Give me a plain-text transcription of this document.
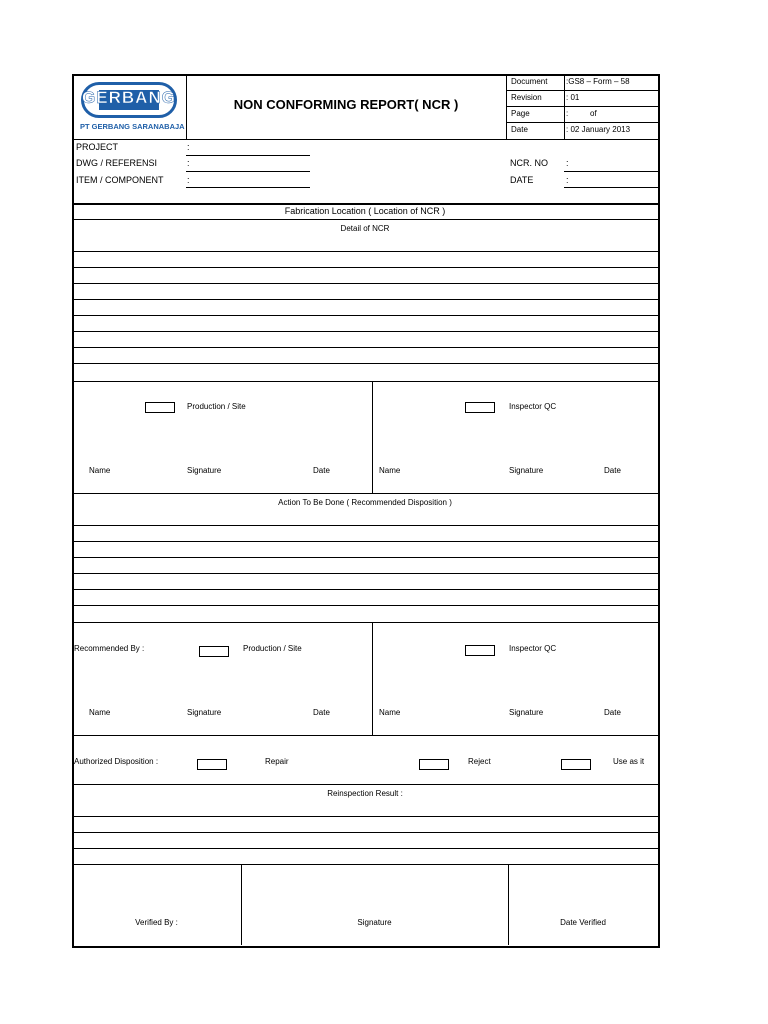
GERBANG
PT GERBANG SARANABAJA
NON CONFORMING REPORT( NCR )
Document :GS8 – Form – 58
Revision	: 01
Page	:	of
Date	: 02 January 2013
PROJECT	:
DWG / REFERENSI	:
ITEM / COMPONENT	:
NCR. NO :
DATE	:
Fabrication Location ( Location of NCR )
Detail of NCR
Production / Site	Inspector QC
Name	Signature	Date	Name	Signature	Date
Action To Be Done ( Recommended Disposition )
Recommended By :	Production / Site	Inspector QC
Name	Signature	Date	Name	Signature	Date
Authorized Disposition :	Repair	Reject	Use as it
Reinspection Result :
Verified By :	Signature	Date Verified
